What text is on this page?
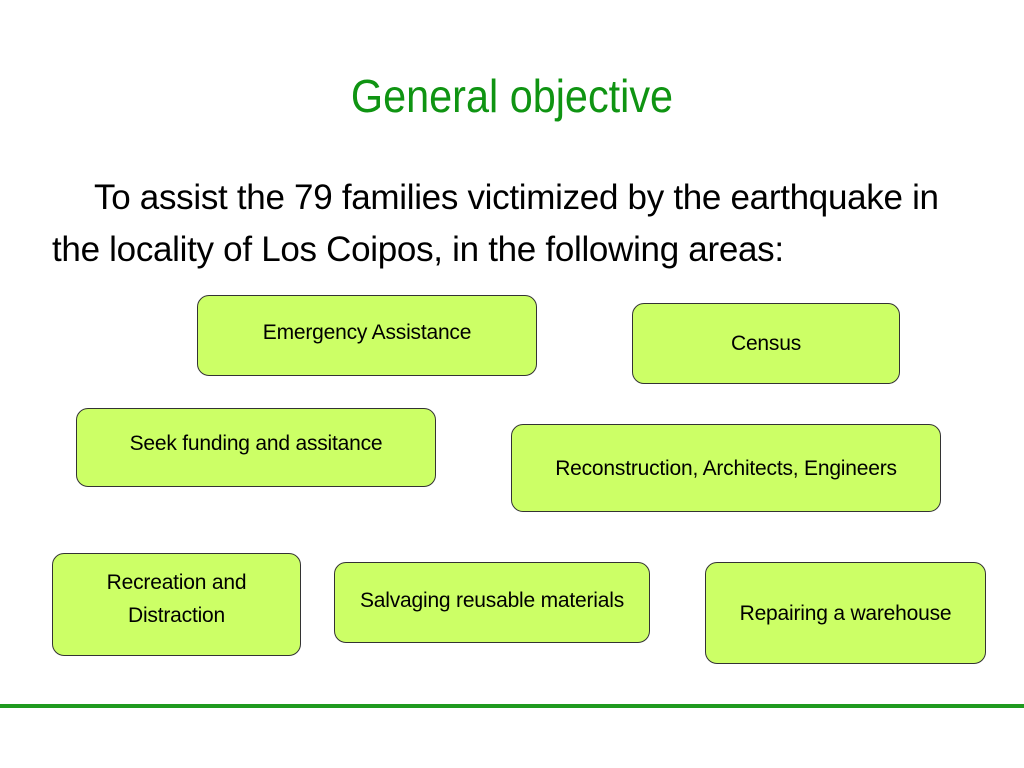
General objective
To assist the 79 families victimized by the earthquake in the locality of Los Coipos, in the following areas:
Emergency Assistance	Census
Seek funding and assitance
Reconstruction, Architects, Engineers
Recreation and Distraction
Salvaging reusable materials
Repairing a warehouse
